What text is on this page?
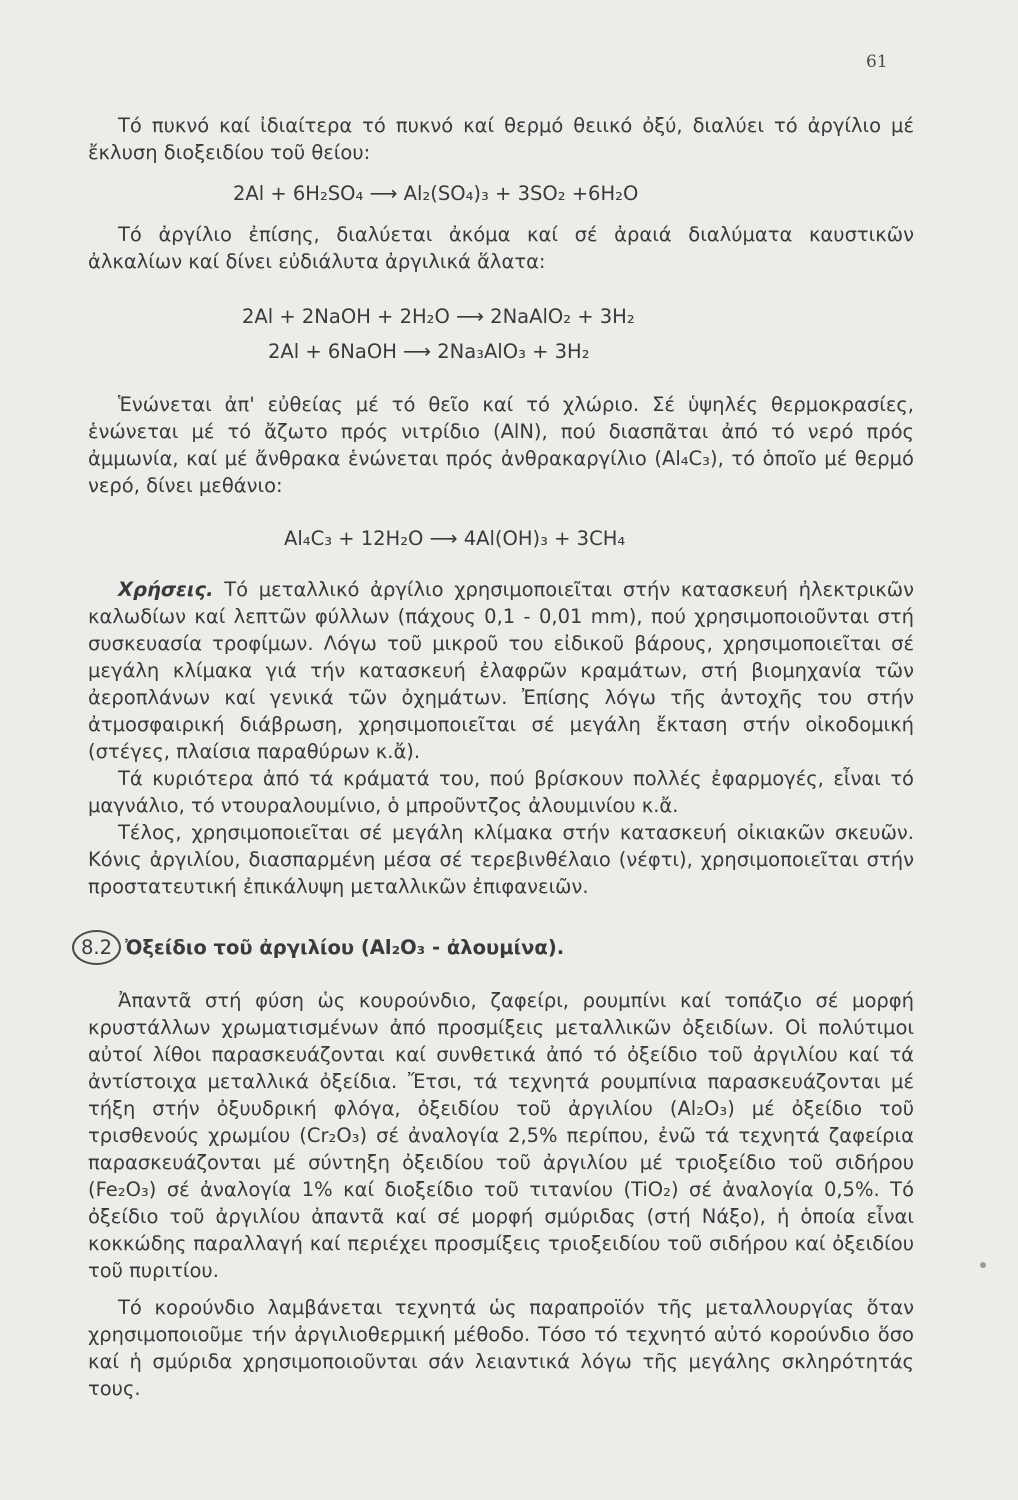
61

Τό πυκνό καί ἰδιαίτερα τό πυκνό καί θερμό θειικό ὀξύ, διαλύει τό ἀργίλιο μέ ἔκλυση διοξειδίου τοῦ θείου:

2Al + 6H₂SO₄ ⟶ Al₂(SO₄)₃ + 3SO₂ +6H₂O

Τό ἀργίλιο ἐπίσης, διαλύεται ἀκόμα καί σέ ἀραιά διαλύματα καυστικῶν ἀλκαλίων καί δίνει εὐδιάλυτα ἀργιλικά ἅλατα:

2Al + 2NaOH + 2H₂O ⟶ 2NaAlO₂ + 3H₂
2Al + 6NaOH ⟶ 2Na₃AlO₃ + 3H₂

Ἑνώνεται ἀπ' εὐθείας μέ τό θεῖο καί τό χλώριο. Σέ ὑψηλές θερμοκρασίες, ἑνώνεται μέ τό ἄζωτο πρός νιτρίδιο (AlN), πού διασπᾶται ἀπό τό νερό πρός ἀμμωνία, καί μέ ἄνθρακα ἑνώνεται πρός ἀνθρακαργίλιο (Al₄C₃), τό ὁποῖο μέ θερμό νερό, δίνει μεθάνιο:

Al₄C₃ + 12H₂O ⟶ 4Al(OH)₃ + 3CH₄

Χρήσεις. Τό μεταλλικό ἀργίλιο χρησιμοποιεῖται στήν κατασκευή ἠλεκτρικῶν καλωδίων καί λεπτῶν φύλλων (πάχους 0,1 - 0,01 mm), πού χρησιμοποιοῦνται στή συσκευασία τροφίμων. Λόγω τοῦ μικροῦ του εἰδικοῦ βάρους, χρησιμοποιεῖται σέ μεγάλη κλίμακα γιά τήν κατασκευή ἐλαφρῶν κραμάτων, στή βιομηχανία τῶν ἀεροπλάνων καί γενικά τῶν ὀχημάτων. Ἐπίσης λόγω τῆς ἀντοχῆς του στήν ἀτμοσφαιρική διάβρωση, χρησιμοποιεῖται σέ μεγάλη ἔκταση στήν οἰκοδομική (στέγες, πλαίσια παραθύρων κ.ἄ).

Τά κυριότερα ἀπό τά κράματά του, πού βρίσκουν πολλές ἐφαρμογές, εἶναι τό μαγνάλιο, τό ντουραλουμίνιο, ὁ μπροῦντζος ἀλουμινίου κ.ἄ.

Τέλος, χρησιμοποιεῖται σέ μεγάλη κλίμακα στήν κατασκευή οἰκιακῶν σκευῶν. Κόνις ἀργιλίου, διασπαρμένη μέσα σέ τερεβινθέλαιο (νέφτι), χρησιμοποιεῖται στήν προστατευτική ἐπικάλυψη μεταλλικῶν ἐπιφανειῶν.

8.2 Ὀξείδιο τοῦ ἀργιλίου (Al₂O₃ - ἀλουμίνα).

Ἀπαντᾶ στή φύση ὡς κουρούνδιο, ζαφείρι, ρουμπίνι καί τοπάζιο σέ μορφή κρυστάλλων χρωματισμένων ἀπό προσμίξεις μεταλλικῶν ὀξειδίων. Οἱ πολύτιμοι αὐτοί λίθοι παρασκευάζονται καί συνθετικά ἀπό τό ὀξείδιο τοῦ ἀργιλίου καί τά ἀντίστοιχα μεταλλικά ὀξείδια. Ἔτσι, τά τεχνητά ρουμπίνια παρασκευάζονται μέ τήξη στήν ὀξυυδρική φλόγα, ὀξειδίου τοῦ ἀργιλίου (Al₂O₃) μέ ὀξείδιο τοῦ τρισθενούς χρωμίου (Cr₂O₃) σέ ἀναλογία 2,5% περίπου, ἐνῶ τά τεχνητά ζαφείρια παρασκευάζονται μέ σύντηξη ὀξειδίου τοῦ ἀργιλίου μέ τριοξείδιο τοῦ σιδήρου (Fe₂O₃) σέ ἀναλογία 1% καί διοξείδιο τοῦ τιτανίου (TiO₂) σέ ἀναλογία 0,5%. Τό ὀξείδιο τοῦ ἀργιλίου ἀπαντᾶ καί σέ μορφή σμύριδας (στή Νάξο), ἡ ὁποία εἶναι κοκκώδης παραλλαγή καί περιέχει προσμίξεις τριοξειδίου τοῦ σιδήρου καί ὀξειδίου τοῦ πυριτίου.

Τό κορούνδιο λαμβάνεται τεχνητά ὡς παραπροϊόν τῆς μεταλλουργίας ὅταν χρησιμοποιοῦμε τήν ἀργιλιοθερμική μέθοδο. Τόσο τό τεχνητό αὐτό κορούνδιο ὅσο καί ἡ σμύριδα χρησιμοποιοῦνται σάν λειαντικά λόγω τῆς μεγάλης σκληρότητάς τους.
